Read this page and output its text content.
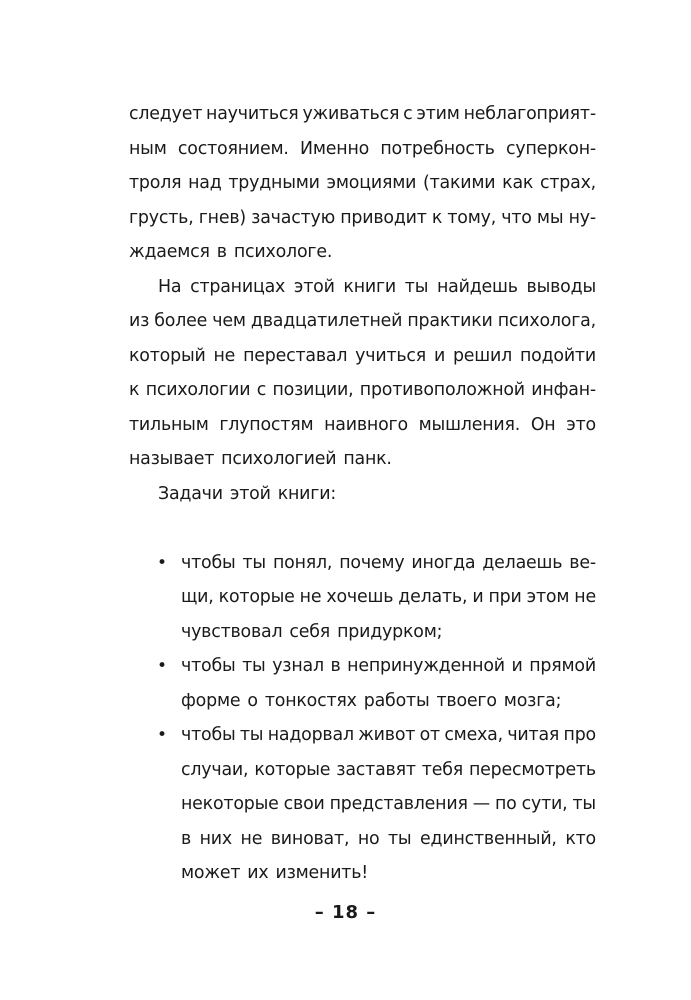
следует научиться уживаться с этим неблагоприят-
ным состоянием. Именно потребность суперкон-
троля над трудными эмоциями (такими как страх,
грусть, гнев) зачастую приводит к тому, что мы ну-
ждаемся в психологе.
На страницах этой книги ты найдешь выводы
из более чем двадцатилетней практики психолога,
который не переставал учиться и решил подойти
к психологии с позиции, противоположной инфан-
тильным глупостям наивного мышления. Он это
называет психологией панк.
Задачи этой книги:
• чтобы ты понял, почему иногда делаешь ве-
щи, которые не хочешь делать, и при этом не
чувствовал себя придурком;
• чтобы ты узнал в непринужденной и прямой
форме о тонкостях работы твоего мозга;
• чтобы ты надорвал живот от смеха, читая про
случаи, которые заставят тебя пересмотреть
некоторые свои представления — по сути, ты
в них не виноват, но ты единственный, кто
может их изменить!
– 18 –
